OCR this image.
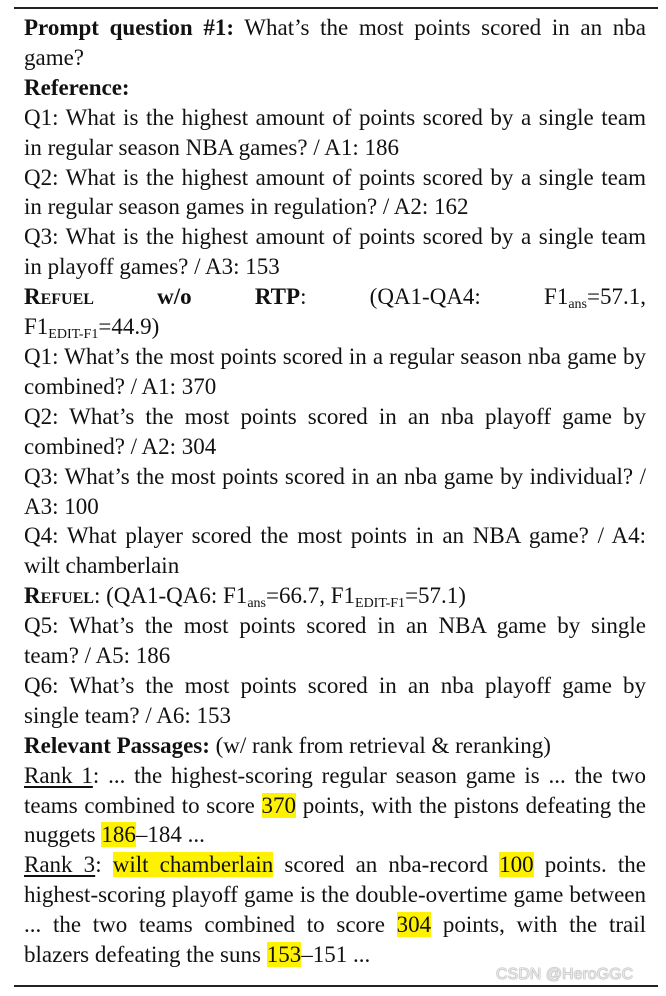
Prompt question #1: What’s the most points scored in an nba game?

Reference:

Q1: What is the highest amount of points scored by a single team in regular season NBA games? / A1: 186

Q2: What is the highest amount of points scored by a single team in regular season games in regulation? / A2: 162

Q3: What is the highest amount of points scored by a single team in playoff games? / A3: 153

Refuel	w/o	RTP:	(QA1-QA4:	$F1_{ans}=57.1$,

$F1_{EDIT-F1}=44.9$)

Q1: What’s the most points scored in a regular season nba game by combined? / A1: 370

Q2: What’s the most points scored in an nba playoff game by combined? / A2: 304

Q3: What’s the most points scored in an nba game by individual? / A3: 100

Q4: What player scored the most points in an NBA game? / A4: wilt chamberlain

Refuel: (QA1-QA6: $F1_{ans}=66.7$, $F1_{EDIT-F1}=57.1$)

Q5: What’s the most points scored in an NBA game by single team? / A5: 186

Q6: What’s the most points scored in an nba playoff game by single team? / A6: 153

Relevant Passages: (w/ rank from retrieval & reranking)

Rank 1: ... the highest-scoring regular season game is ... the two teams combined to score 370 points, with the pistons defeating the nuggets 186–184 ...

Rank 3: wilt chamberlain scored an nba-record 100 points. the highest-scoring playoff game is the double-overtime game between ... the two teams combined to score 304 points, with the trail blazers defeating the suns 153–151 ...

CSDN @HeroGGC
